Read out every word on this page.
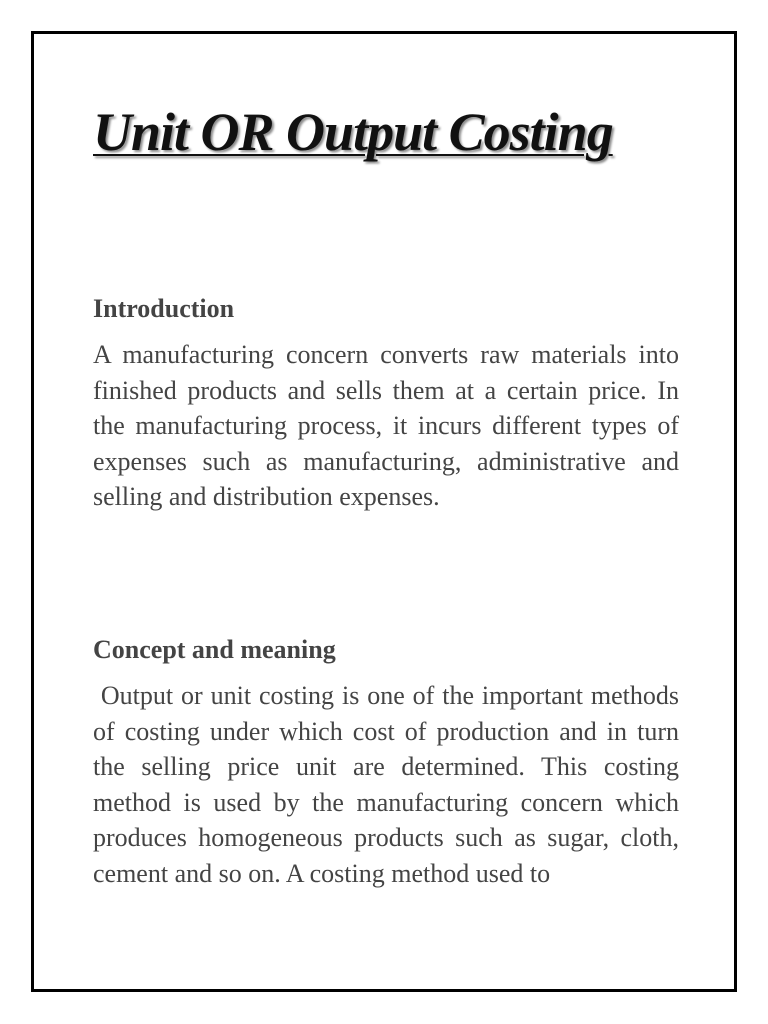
Unit OR Output Costing
Introduction

A manufacturing concern converts raw materials into finished products and sells them at a certain price. In the manufacturing process, it incurs different types of expenses such as manufacturing, administrative and selling and distribution expenses.

Concept and meaning

Output or unit costing is one of the important methods of costing under which cost of production and in turn the selling price unit are determined. This costing method is used by the manufacturing concern which produces homogeneous products such as sugar, cloth, cement and so on. A costing method used to
